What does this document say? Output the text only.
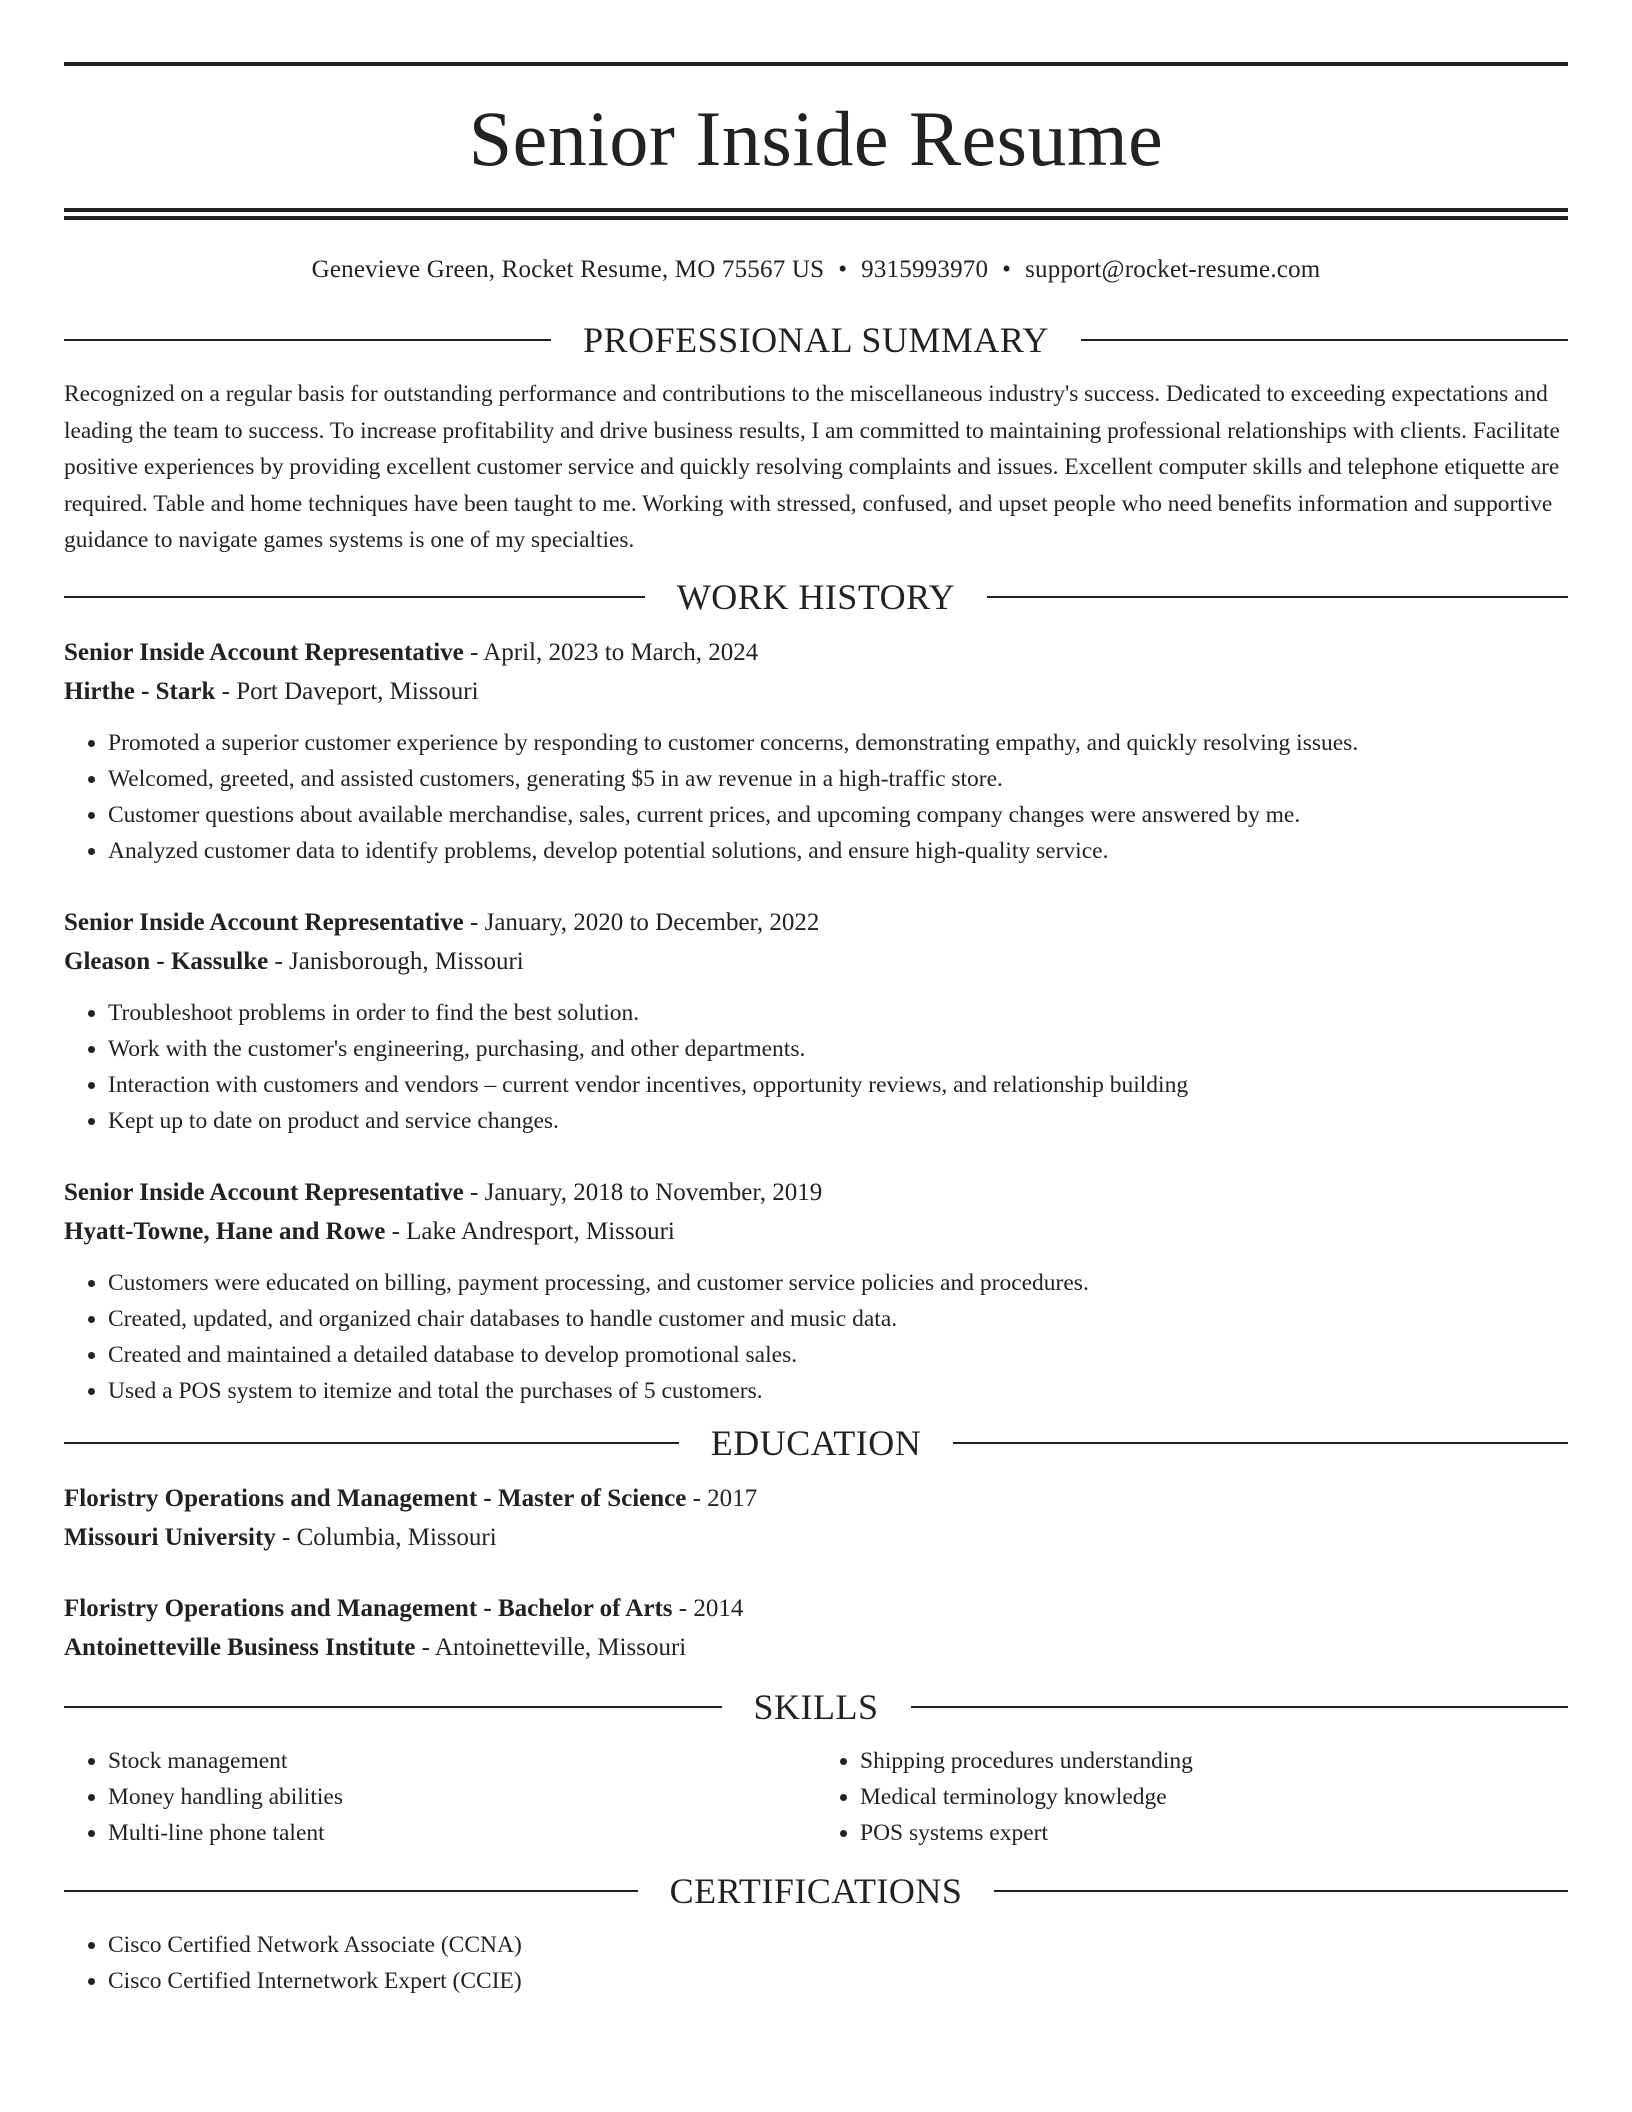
Senior Inside Resume
Genevieve Green, Rocket Resume, MO 75567 US • 9315993970 • support@rocket-resume.com
PROFESSIONAL SUMMARY

Recognized on a regular basis for outstanding performance and contributions to the miscellaneous industry's success. Dedicated to exceeding expectations and leading the team to success. To increase profitability and drive business results, I am committed to maintaining professional relationships with clients. Facilitate positive experiences by providing excellent customer service and quickly resolving complaints and issues. Excellent computer skills and telephone etiquette are required. Table and home techniques have been taught to me. Working with stressed, confused, and upset people who need benefits information and supportive guidance to navigate games systems is one of my specialties.

WORK HISTORY
Senior Inside Account Representative - April, 2023 to March, 2024
Hirthe - Stark - Port Daveport, Missouri
• Promoted a superior customer experience by responding to customer concerns, demonstrating empathy, and quickly resolving issues.
• Welcomed, greeted, and assisted customers, generating $5 in aw revenue in a high-traffic store.
• Customer questions about available merchandise, sales, current prices, and upcoming company changes were answered by me.
• Analyzed customer data to identify problems, develop potential solutions, and ensure high-quality service.
Senior Inside Account Representative - January, 2020 to December, 2022
Gleason - Kassulke - Janisborough, Missouri
• Troubleshoot problems in order to find the best solution.
• Work with the customer's engineering, purchasing, and other departments.
• Interaction with customers and vendors – current vendor incentives, opportunity reviews, and relationship building
• Kept up to date on product and service changes.
Senior Inside Account Representative - January, 2018 to November, 2019
Hyatt-Towne, Hane and Rowe - Lake Andresport, Missouri
• Customers were educated on billing, payment processing, and customer service policies and procedures.
• Created, updated, and organized chair databases to handle customer and music data.
• Created and maintained a detailed database to develop promotional sales.
• Used a POS system to itemize and total the purchases of 5 customers.
EDUCATION
Floristry Operations and Management - Master of Science - 2017
Missouri University - Columbia, Missouri
Floristry Operations and Management - Bachelor of Arts - 2014
Antoinetteville Business Institute - Antoinetteville, Missouri
SKILLS
• Stock management
• Money handling abilities
• Multi-line phone talent
• Shipping procedures understanding
• Medical terminology knowledge
• POS systems expert
CERTIFICATIONS
• Cisco Certified Network Associate (CCNA)
• Cisco Certified Internetwork Expert (CCIE)
